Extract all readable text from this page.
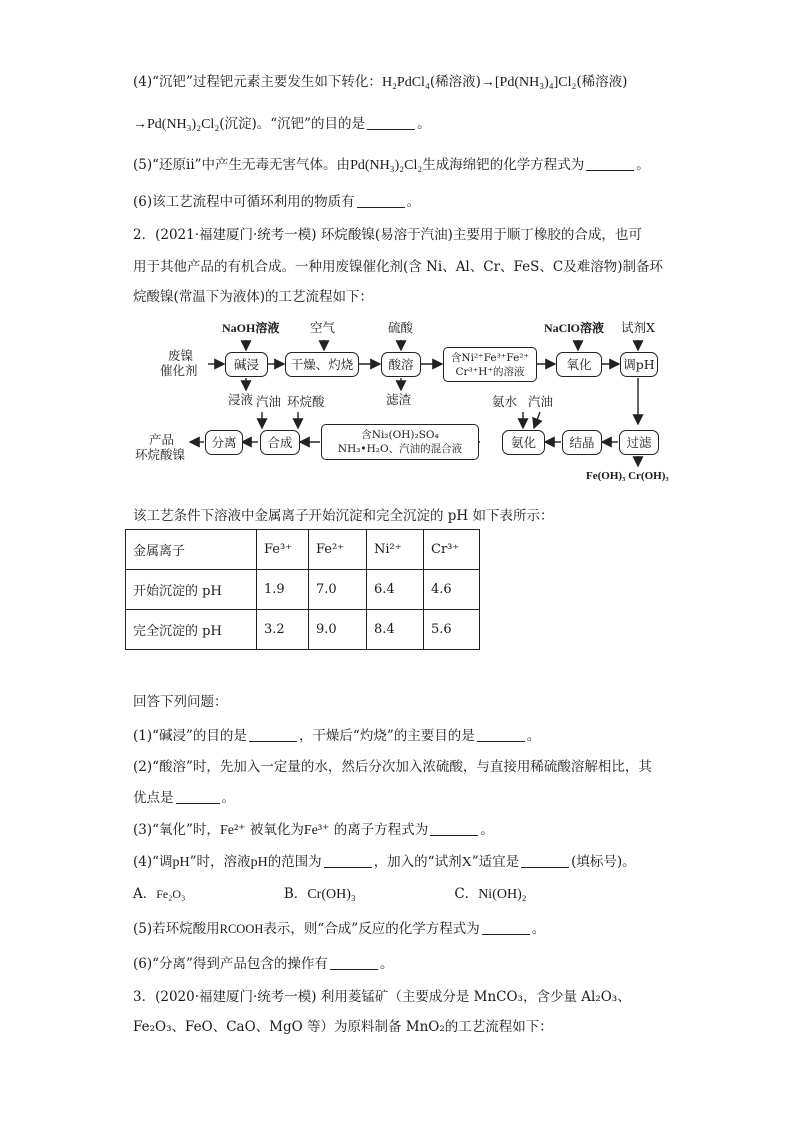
(4)“沉钯”过程钯元素主要发生如下转化：H₂PdCl₄(稀溶液)→[Pd(NH₃)₄]Cl₂(稀溶液)
→Pd(NH₃)₂Cl₂(沉淀)。“沉钯”的目的是	。
(5)“还原ⅱ”中产生无毒无害气体。由Pd(NH₃)₂Cl₂生成海绵钯的化学方程式为	。
(6)该工艺流程中可循环利用的物质有	。
2．(2021·福建厦门·统考一模) 环烷酸镍(易溶于汽油)主要用于顺丁橡胶的合成，也可
用于其他产品的有机合成。一种用废镍催化剂(含 Ni、Al、Cr、FeS、C及难溶物)制备环
烷酸镍(常温下为液体)的工艺流程如下：
NaOH溶液 空气	硫酸	NaClO溶液 试剂X
废镍
催化剂	碱浸	干燥、灼烧	酸溶	含Ni²⁺Fe³⁺Fe²⁺
Cr³⁺H⁺的溶液	氧化	调pH
浸液	滤渣
汽油 环烷酸	氨水 汽油
产品
环烷酸镍
分离 合成	含Ni₂(OH)₂SO₄
NH₃•H₂O、汽油的混合液	氨化	结晶	过滤
Fe(OH)₃ Cr(OH)₃
该工艺条件下溶液中金属离子开始沉淀和完全沉淀的 pH 如下表所示：
金属离子	Fe³⁺	Fe²⁺	Ni²⁺	Cr³⁺
开始沉淀的 pH	1.9	7.0	6.4	4.6
完全沉淀的 pH	3.2	9.0	8.4	5.6
回答下列问题：
(1)“碱浸”的目的是	，干燥后“灼烧”的主要目的是	。
(2)“酸溶”时，先加入一定量的水，然后分次加入浓硫酸，与直接用稀硫酸溶解相比，其
优点是	。
(3)“氧化”时，Fe²⁺ 被氧化为Fe³⁺ 的离子方程式为	。
(4)“调pH”时，溶液pH的范围为	，加入的“试剂X”适宜是	(填标号)。
A．Fe₂O₃	B．Cr(OH)₃	C．Ni(OH)₂
(5)若环烷酸用RCOOH表示，则“合成”反应的化学方程式为	。
(6)“分离”得到产品包含的操作有	。
3．(2020·福建厦门·统考一模) 利用菱锰矿（主要成分是 MnCO₃，含少量 Al₂O₃、
Fe₂O₃、FeO、CaO、MgO 等）为原料制备 MnO₂的工艺流程如下：
